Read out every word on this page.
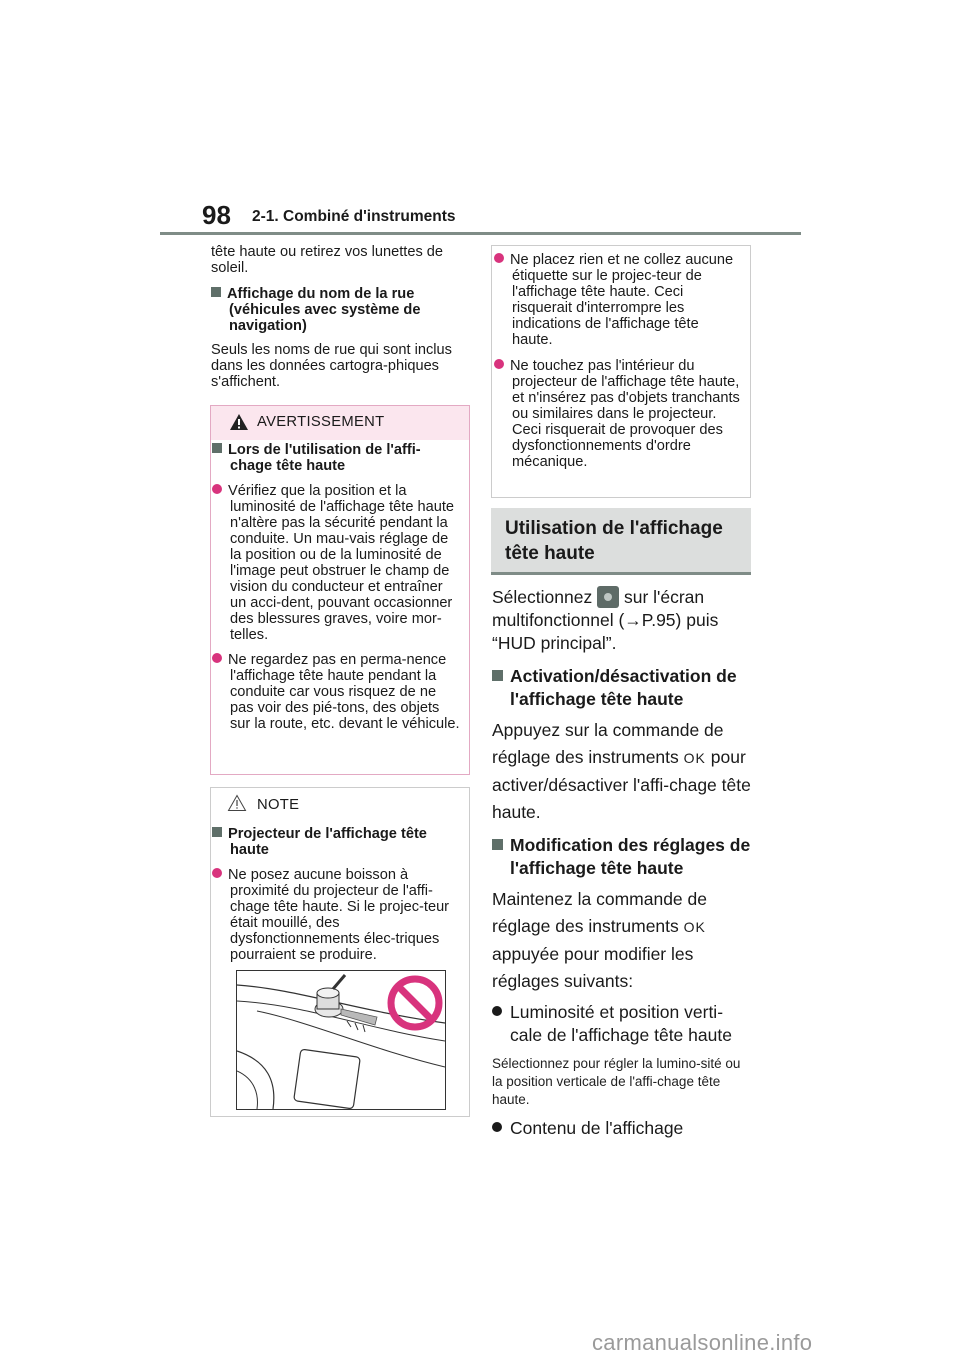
98 2-1. Combiné d'instruments

tête haute ou retirez vos lunettes de soleil.

Affichage du nom de la rue (véhicules avec système de navigation)

Seuls les noms de rue qui sont inclus dans les données cartogra-phiques s'affichent.

AVERTISSEMENT

Lors de l'utilisation de l'affi-chage tête haute

Vérifiez que la position et la luminosité de l'affichage tête haute n'altère pas la sécurité pendant la conduite. Un mau-vais réglage de la position ou de la luminosité de l'image peut obstruer le champ de vision du conducteur et entraîner un acci-dent, pouvant occasionner des blessures graves, voire mor-telles.

Ne regardez pas en perma-nence l'affichage tête haute pendant la conduite car vous risquez de ne pas voir des pié-tons, des objets sur la route, etc. devant le véhicule.

NOTE

Projecteur de l'affichage tête haute

Ne posez aucune boisson à proximité du projecteur de l'affi-chage tête haute. Si le projec-teur était mouillé, des dysfonctionnements élec-triques pourraient se produire.

Ne placez rien et ne collez aucune étiquette sur le projec-teur de l'affichage tête haute. Ceci risquerait d'interrompre les indications de l'affichage tête haute.

Ne touchez pas l'intérieur du projecteur de l'affichage tête haute, et n'insérez pas d'objets tranchants ou similaires dans le projecteur. Ceci risquerait de provoquer des dysfonctionnements d'ordre mécanique.

Utilisation de l'affichage tête haute

Sélectionnez sur l'écran multifonctionnel (→P.95) puis “HUD principal”.

Activation/désactivation de l'affichage tête haute

Appuyez sur la commande de réglage des instruments OK pour activer/désactiver l'affi-chage tête haute.

Modification des réglages de l'affichage tête haute

Maintenez la commande de réglage des instruments OK appuyée pour modifier les réglages suivants:

Luminosité et position verti-cale de l'affichage tête haute

Sélectionnez pour régler la lumino-sité ou la position verticale de l'affi-chage tête haute.

Contenu de l'affichage

carmanualsonline.info
